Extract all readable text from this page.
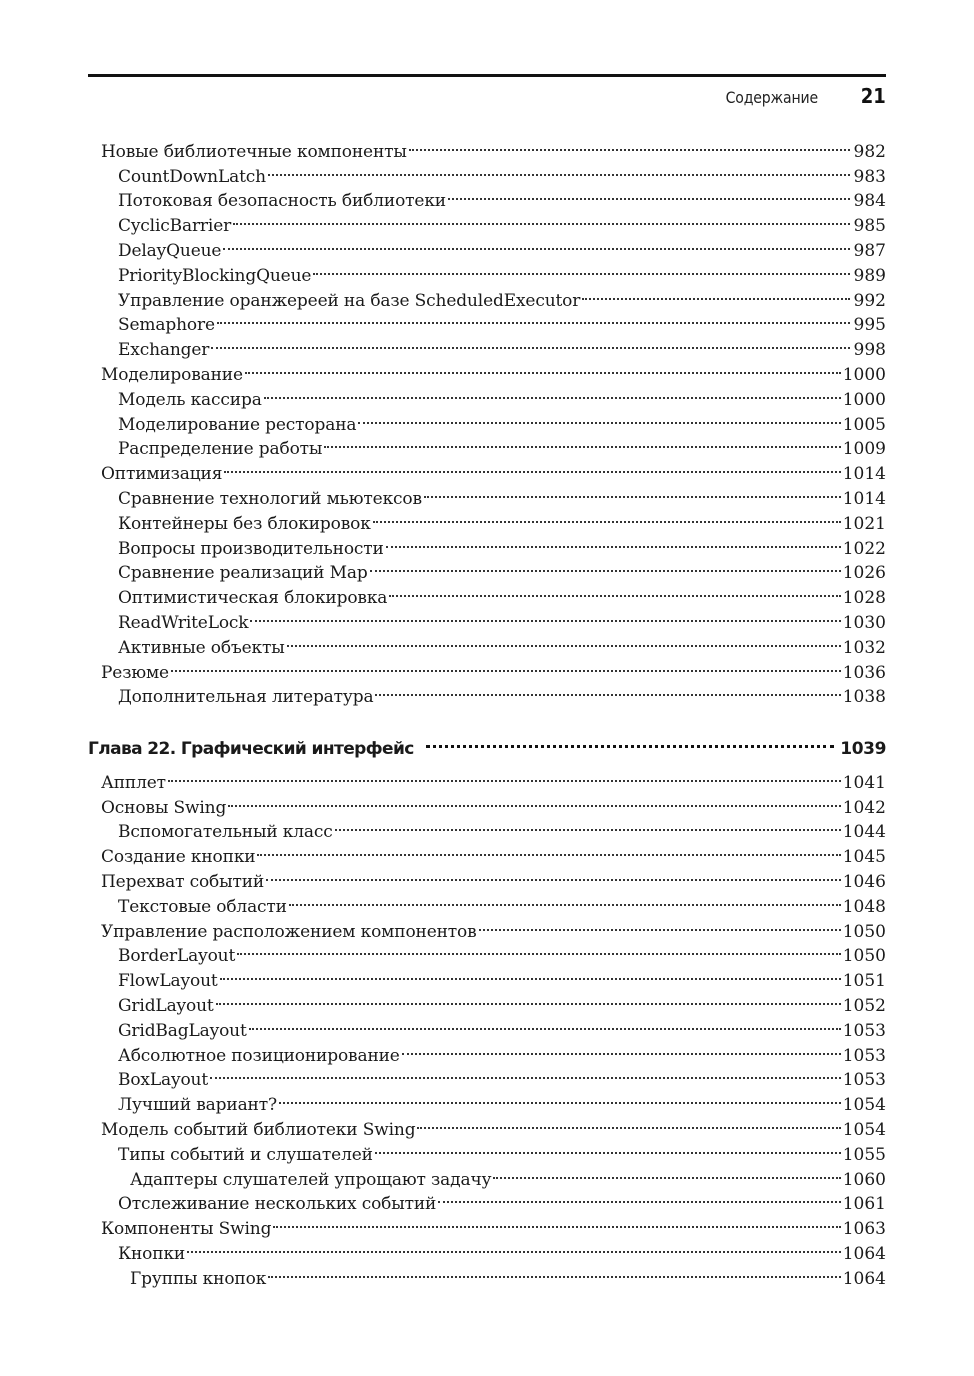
Содержание 21
Новые библиотечные компоненты	982
CountDownLatch	983
Потоковая безопасность библиотеки	984
CyclicBarrier	985
DelayQueue	987
PriorityBlockingQueue	989
Управление оранжереей на базе ScheduledExecutor	992
Semaphore	995
Exchanger	998
Моделирование	1000
Модель кассира	1000
Моделирование ресторана	1005
Распределение работы	1009
Оптимизация	1014
Сравнение технологий мьютексов	1014
Контейнеры без блокировок	1021
Вопросы производительности	1022
Сравнение реализаций Map	1026
Оптимистическая блокировка	1028
ReadWriteLock	1030
Активные объекты	1032
Резюме	1036
Дополнительная литература	1038
Глава 22. Графический интерфейс	1039
Апплет	1041
Основы Swing	1042
Вспомогательный класс	1044
Создание кнопки	1045
Перехват событий	1046
Текстовые области	1048
Управление расположением компонентов	1050
BorderLayout	1050
FlowLayout	1051
GridLayout	1052
GridBagLayout	1053
Абсолютное позиционирование	1053
BoxLayout	1053
Лучший вариант?	1054
Модель событий библиотеки Swing	1054
Типы событий и слушателей	1055
Адаптеры слушателей упрощают задачу	1060
Отслеживание нескольких событий	1061
Компоненты Swing	1063
Кнопки	1064
Группы кнопок	1064
